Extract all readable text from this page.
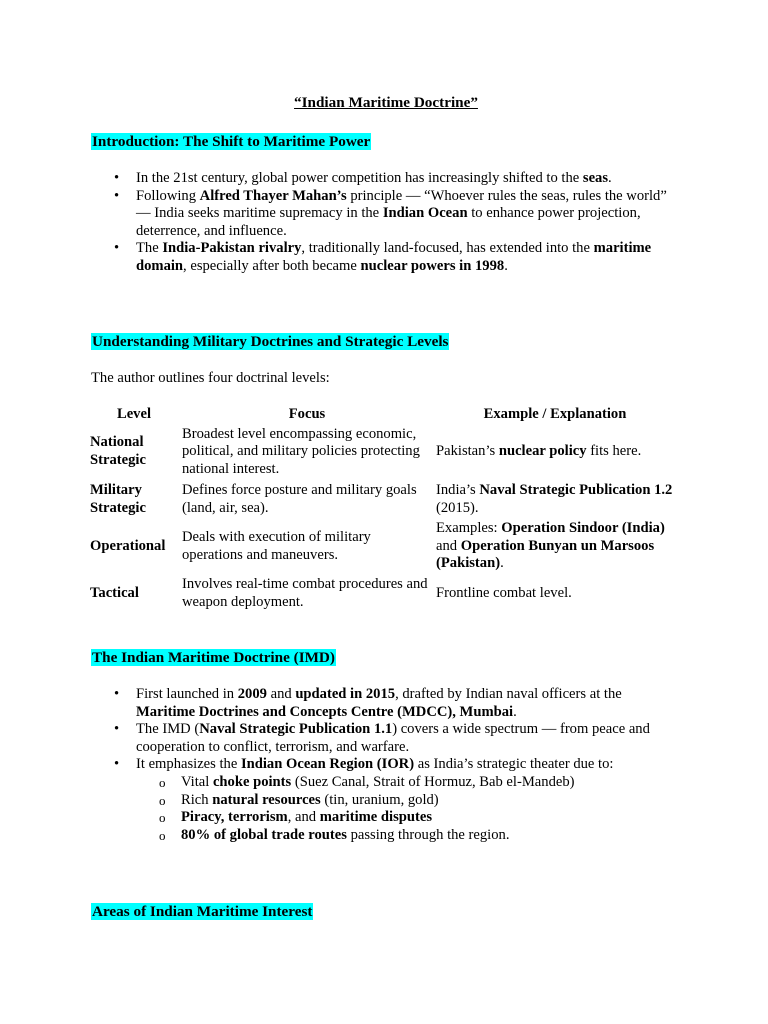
“Indian Maritime Doctrine”
Introduction: The Shift to Maritime Power
• In the 21st century, global power competition has increasingly shifted to the seas.
• Following Alfred Thayer Mahan’s principle — “Whoever rules the seas, rules the world” — India seeks maritime supremacy in the Indian Ocean to enhance power projection, deterrence, and influence.
• The India-Pakistan rivalry, traditionally land-focused, has extended into the maritime domain, especially after both became nuclear powers in 1998.
Understanding Military Doctrines and Strategic Levels
The author outlines four doctrinal levels:
Level	Focus	Example / Explanation
National Strategic	Broadest level encompassing economic, political, and military policies protecting national interest.	Pakistan’s nuclear policy fits here.
Military Strategic	Defines force posture and military goals (land, air, sea).	India’s Naval Strategic Publication 1.2 (2015).
Operational	Deals with execution of military operations and maneuvers.	Examples: Operation Sindoor (India) and Operation Bunyan un Marsoos (Pakistan).
Tactical	Involves real-time combat procedures and weapon deployment.	Frontline combat level.
The Indian Maritime Doctrine (IMD)
• First launched in 2009 and updated in 2015, drafted by Indian naval officers at the Maritime Doctrines and Concepts Centre (MDCC), Mumbai.
• The IMD (Naval Strategic Publication 1.1) covers a wide spectrum — from peace and cooperation to conflict, terrorism, and warfare.
• It emphasizes the Indian Ocean Region (IOR) as India’s strategic theater due to:
o Vital choke points (Suez Canal, Strait of Hormuz, Bab el-Mandeb)
o Rich natural resources (tin, uranium, gold)
o Piracy, terrorism, and maritime disputes
o 80% of global trade routes passing through the region.
Areas of Indian Maritime Interest
